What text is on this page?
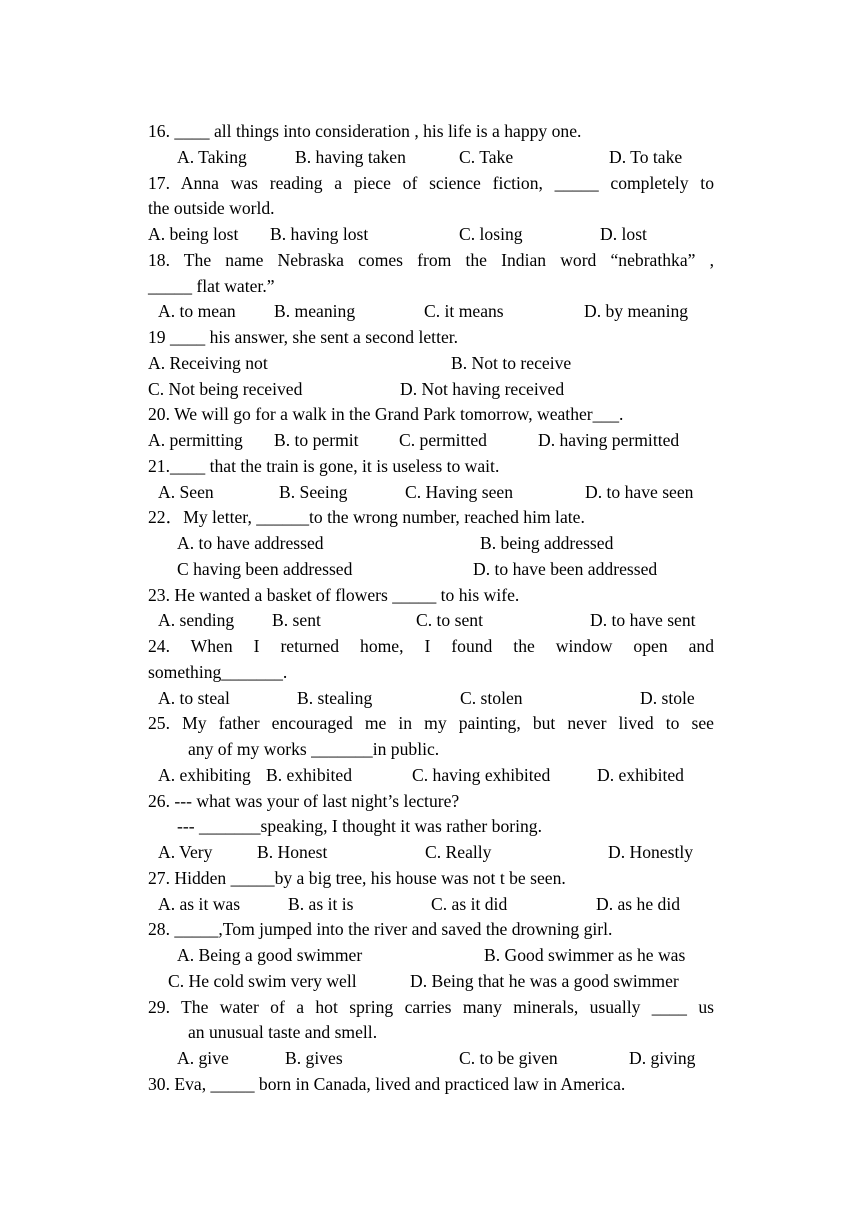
16. ____ all things into consideration , his life is a happy one.
A. Taking	B. having taken	C. Take	D. To take
17. Anna was reading a piece of science fiction, _____ completely to
the outside world.
A. being lost B. having lost	C. losing	D. lost
18. The name Nebraska comes from the Indian word “nebrathka” ,
_____ flat water.”
A. to mean B. meaning	C. it means	D. by meaning
19 ____ his answer, she sent a second letter.
A. Receiving not	B. Not to receive
C. Not being received	D. Not having received
20. We will go for a walk in the Grand Park tomorrow, weather___.
A. permitting B. to permit C. permitted	D. having permitted
21.____ that the train is gone, it is useless to wait.
A. Seen	B. Seeing	C. Having seen	D. to have seen
22．My letter, ______to the wrong number, reached him late.
A. to have addressed	B. being addressed
C having been addressed	D. to have been addressed
23. He wanted a basket of flowers _____ to his wife.
A. sending B. sent	C. to sent	D. to have sent
24. When I returned home, I found the window open and
something_______.
A. to steal	B. stealing	C. stolen	D. stole
25. My father encouraged me in my painting, but never lived to see
any of my works _______in public.
A. exhibiting B. exhibited	C. having exhibited	D. exhibited
26. --- what was your of last night’s lecture?
--- _______speaking, I thought it was rather boring.
A. Very	B. Honest	C. Really	D. Honestly
27. Hidden _____by a big tree, his house was not t be seen.
A. as it was	B. as it is	C. as it did	D. as he did
28. _____,Tom jumped into the river and saved the drowning girl.
A. Being a good swimmer	B. Good swimmer as he was
C. He cold swim very well	D. Being that he was a good swimmer
29. The water of a hot spring carries many minerals, usually ____ us
an unusual taste and smell.
A. give	B. gives	C. to be given	D. giving
30. Eva, _____ born in Canada, lived and practiced law in America.
